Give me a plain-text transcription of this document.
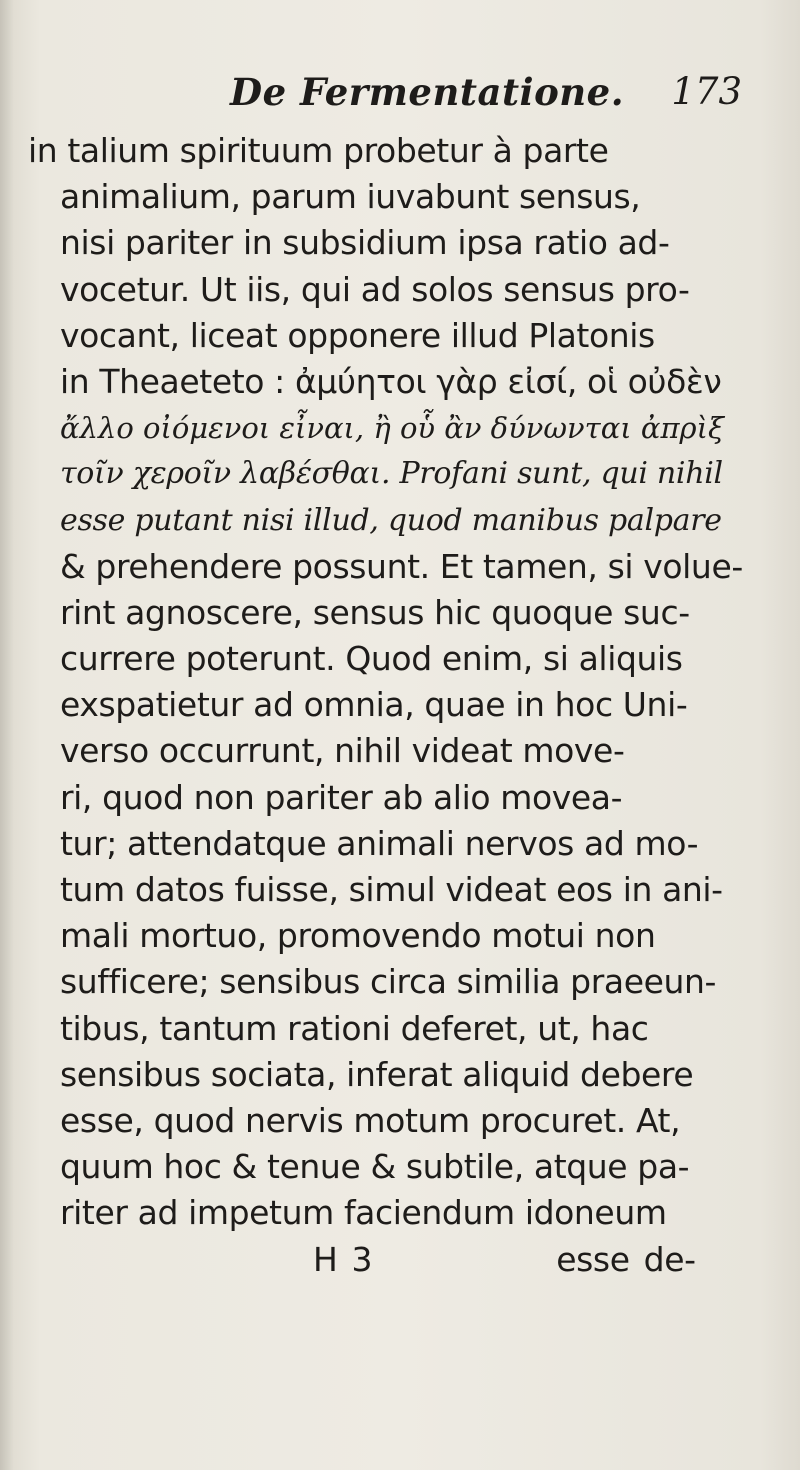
De Fermentatione. 173
in talium spirituum probetur à parte
animalium, parum iuvabunt sensus,
nisi pariter in subsidium ipsa ratio ad-
vocetur. Ut iis, qui ad solos sensus pro-
vocant, liceat opponere illud Platonis
in Theaeteto : ἀμύητοι γὰρ εἰσί, οἱ οὐδὲν
ἄλλο οἰόμενοι εἶναι, ἢ οὗ ἂν δύνωνται ἀπρὶξ
τοῖν χεροῖν λαβέσθαι. Profani sunt, qui nihil
esse putant nisi illud, quod manibus palpare
& prehendere possunt. Et tamen, si volue-
rint agnoscere, sensus hic quoque suc-
currere poterunt. Quod enim, si aliquis
exspatietur ad omnia, quae in hoc Uni-
verso occurrunt, nihil videat move-
ri, quod non pariter ab alio movea-
tur; attendatque animali nervos ad mo-
tum datos fuisse, simul videat eos in ani-
mali mortuo, promovendo motui non
sufficere; sensibus circa similia praeeun-
tibus, tantum rationi deferet, ut, hac
sensibus sociata, inferat aliquid debere
esse, quod nervis motum procuret. At,
quum hoc & tenue & subtile, atque pa-
riter ad impetum faciendum idoneum
H 3	esse de-
